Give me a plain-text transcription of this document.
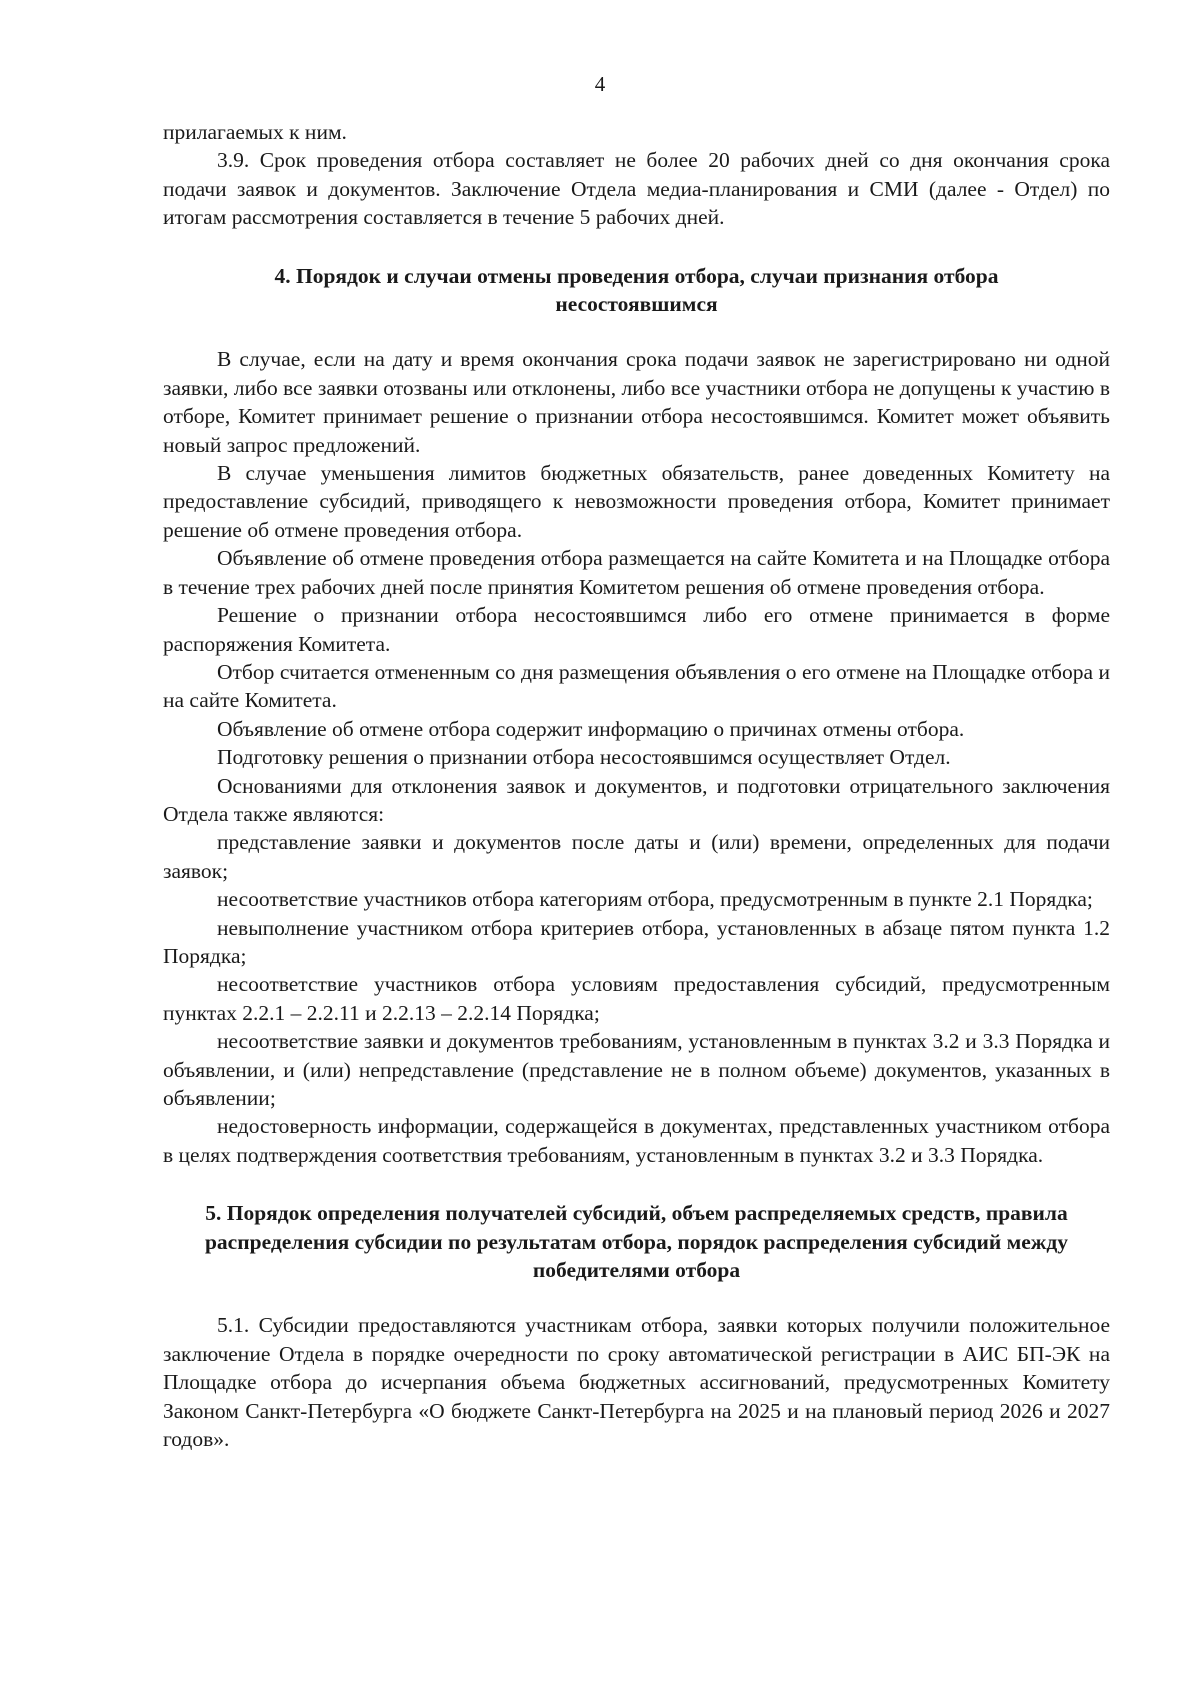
4

прилагаемых к ним.

3.9. Срок проведения отбора составляет не более 20 рабочих дней со дня окончания срока подачи заявок и документов. Заключение Отдела медиа-планирования и СМИ (далее - Отдел) по итогам рассмотрения составляется в течение 5 рабочих дней.

4. Порядок и случаи отмены проведения отбора, случаи признания отбора несостоявшимся

В случае, если на дату и время окончания срока подачи заявок не зарегистрировано ни одной заявки, либо все заявки отозваны или отклонены, либо все участники отбора не допущены к участию в отборе, Комитет принимает решение о признании отбора несостоявшимся. Комитет может объявить новый запрос предложений.

В случае уменьшения лимитов бюджетных обязательств, ранее доведенных Комитету на предоставление субсидий, приводящего к невозможности проведения отбора, Комитет принимает решение об отмене проведения отбора.

Объявление об отмене проведения отбора размещается на сайте Комитета и на Площадке отбора в течение трех рабочих дней после принятия Комитетом решения об отмене проведения отбора.

Решение о признании отбора несостоявшимся либо его отмене принимается в форме распоряжения Комитета.

Отбор считается отмененным со дня размещения объявления о его отмене на Площадке отбора и на сайте Комитета.

Объявление об отмене отбора содержит информацию о причинах отмены отбора.

Подготовку решения о признании отбора несостоявшимся осуществляет Отдел.

Основаниями для отклонения заявок и документов, и подготовки отрицательного заключения Отдела также являются:

представление заявки и документов после даты и (или) времени, определенных для подачи заявок;

несоответствие участников отбора категориям отбора, предусмотренным в пункте 2.1 Порядка;

невыполнение участником отбора критериев отбора, установленных в абзаце пятом пункта 1.2 Порядка;

несоответствие участников отбора условиям предоставления субсидий, предусмотренным пунктах 2.2.1 – 2.2.11 и 2.2.13 – 2.2.14 Порядка;

несоответствие заявки и документов требованиям, установленным в пунктах 3.2 и 3.3 Порядка и объявлении, и (или) непредставление (представление не в полном объеме) документов, указанных в объявлении;

недостоверность информации, содержащейся в документах, представленных участником отбора в целях подтверждения соответствия требованиям, установленным в пунктах 3.2 и 3.3 Порядка.

5. Порядок определения получателей субсидий, объем распределяемых средств, правила распределения субсидии по результатам отбора, порядок распределения субсидий между победителями отбора

5.1. Субсидии предоставляются участникам отбора, заявки которых получили положительное заключение Отдела в порядке очередности по сроку автоматической регистрации в АИС БП-ЭК на Площадке отбора до исчерпания объема бюджетных ассигнований, предусмотренных Комитету Законом Санкт-Петербурга «О бюджете Санкт-Петербурга на 2025 и на плановый период 2026 и 2027 годов».
